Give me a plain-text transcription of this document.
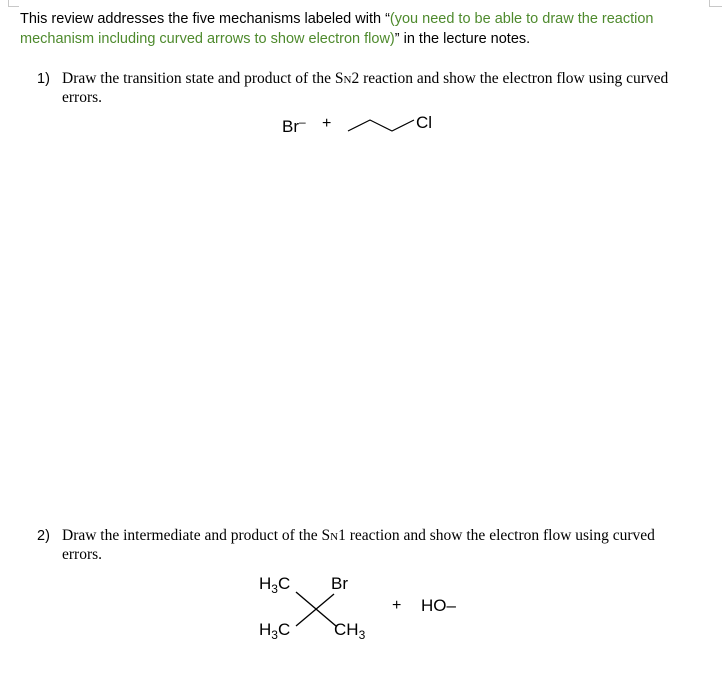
This review addresses the five mechanisms labeled with “(you need to be able to draw the reaction mechanism including curved arrows to show electron flow)” in the lecture notes.
1) Draw the transition state and product of the SN2 reaction and show the electron flow using curved
errors.
Br– +	Cl
2) Draw the intermediate and product of the SN1 reaction and show the electron flow using curved
errors.
$H_3C$ Br
$H_3C$	$CH_3$
+ HO–
